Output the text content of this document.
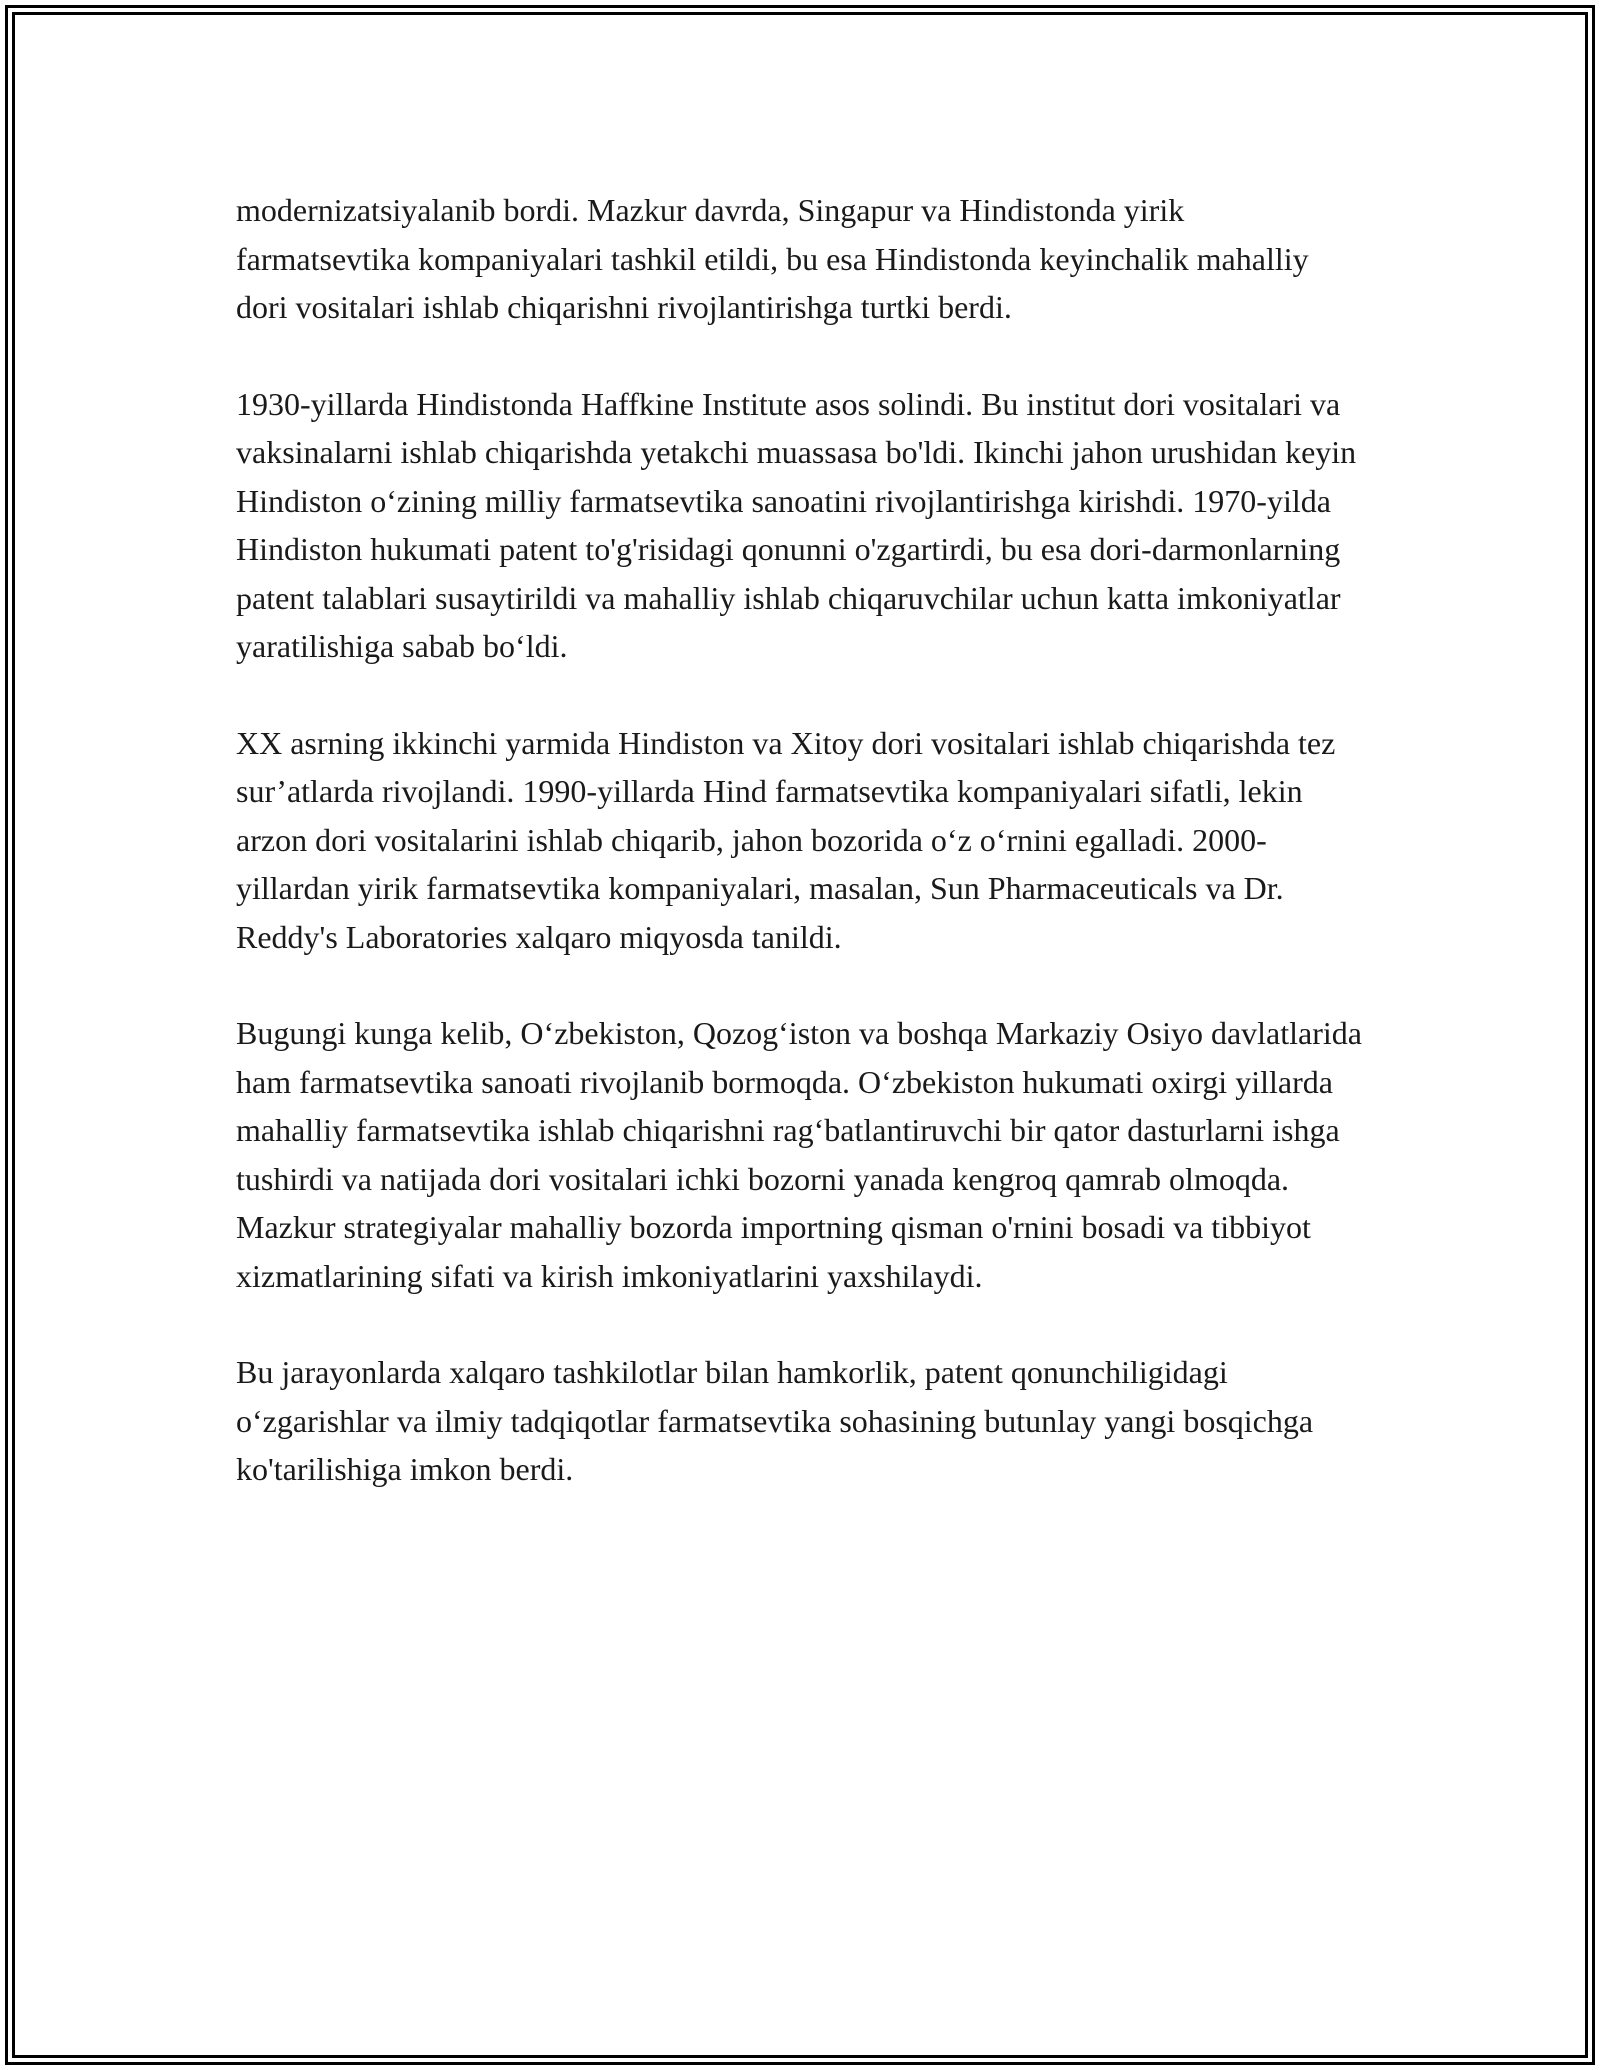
modernizatsiyalanib bordi. Mazkur davrda, Singapur va Hindistonda yirik farmatsevtika kompaniyalari tashkil etildi, bu esa Hindistonda keyinchalik mahalliy dori vositalari ishlab chiqarishni rivojlantirishga turtki berdi.

1930-yillarda Hindistonda Haffkine Institute asos solindi. Bu institut dori vositalari va vaksinalarni ishlab chiqarishda yetakchi muassasa bo'ldi. Ikinchi jahon urushidan keyin Hindiston o‘zining milliy farmatsevtika sanoatini rivojlantirishga kirishdi. 1970-yilda Hindiston hukumati patent to'g'risidagi qonunni o'zgartirdi, bu esa dori-darmonlarning patent talablari susaytirildi va mahalliy ishlab chiqaruvchilar uchun katta imkoniyatlar yaratilishiga sabab bo‘ldi.

XX asrning ikkinchi yarmida Hindiston va Xitoy dori vositalari ishlab chiqarishda tez sur’atlarda rivojlandi. 1990-yillarda Hind farmatsevtika kompaniyalari sifatli, lekin arzon dori vositalarini ishlab chiqarib, jahon bozorida o‘z o‘rnini egalladi. 2000-yillardan yirik farmatsevtika kompaniyalari, masalan, Sun Pharmaceuticals va Dr. Reddy's Laboratories xalqaro miqyosda tanildi.

Bugungi kunga kelib, O‘zbekiston, Qozog‘iston va boshqa Markaziy Osiyo davlatlarida ham farmatsevtika sanoati rivojlanib bormoqda. O‘zbekiston hukumati oxirgi yillarda mahalliy farmatsevtika ishlab chiqarishni rag‘batlantiruvchi bir qator dasturlarni ishga tushirdi va natijada dori vositalari ichki bozorni yanada kengroq qamrab olmoqda. Mazkur strategiyalar mahalliy bozorda importning qisman o'rnini bosadi va tibbiyot xizmatlarining sifati va kirish imkoniyatlarini yaxshilaydi.

Bu jarayonlarda xalqaro tashkilotlar bilan hamkorlik, patent qonunchiligidagi o‘zgarishlar va ilmiy tadqiqotlar farmatsevtika sohasining butunlay yangi bosqichga ko'tarilishiga imkon berdi.
